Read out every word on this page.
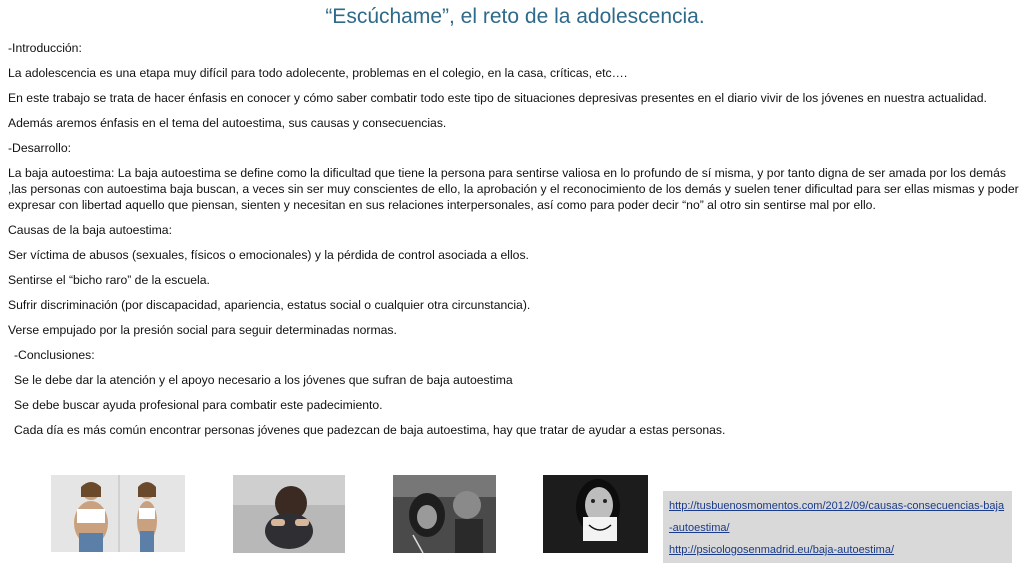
“Escúchame”, el reto de la adolescencia.

-Introducción:

La adolescencia es una etapa muy difícil para todo adolecente, problemas en el colegio, en la casa, críticas, etc….

En este trabajo se trata de hacer énfasis en conocer y cómo saber combatir todo este tipo de situaciones depresivas presentes en el diario vivir de los jóvenes en nuestra actualidad.

Además aremos énfasis en el tema del autoestima, sus causas y consecuencias.

-Desarrollo:

La baja autoestima: La baja autoestima se define como la dificultad que tiene la persona para sentirse valiosa en lo profundo de sí misma, y por tanto digna de ser amada por los demás ,las personas con autoestima baja buscan, a veces sin ser muy conscientes de ello, la aprobación y el reconocimiento de los demás y suelen tener dificultad para ser ellas mismas y poder expresar con libertad aquello que piensan, sienten y necesitan en sus relaciones interpersonales, así como para poder decir “no” al otro sin sentirse mal por ello.

Causas de la baja autoestima:

Ser víctima de abusos (sexuales, físicos o emocionales) y la pérdida de control asociada a ellos.

Sentirse el “bicho raro” de la escuela.

Sufrir discriminación (por discapacidad, apariencia, estatus social o cualquier otra circunstancia).

Verse empujado por la presión social para seguir determinadas normas.

-Conclusiones:

Se le debe dar la atención y el apoyo necesario a los jóvenes que sufran de baja autoestima

Se debe buscar ayuda profesional para combatir este padecimiento.

Cada día es más común encontrar personas jóvenes que padezcan de baja autoestima, hay que tratar de ayudar a estas personas.

http://tusbuenosmomentos.com/2012/09/causas-consecuencias-baja-autoestima/
http://psicologosenmadrid.eu/baja-autoestima/
